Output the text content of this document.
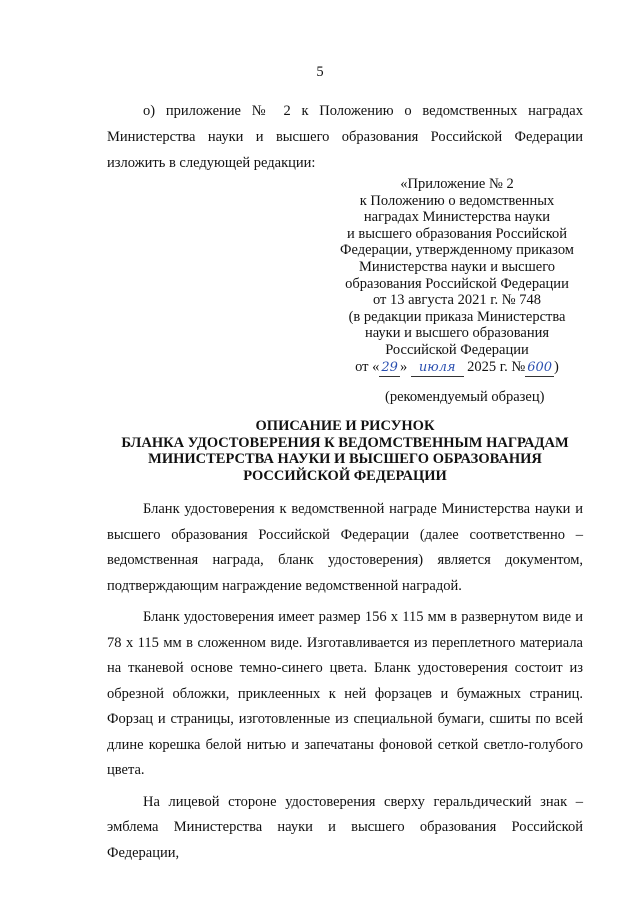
5

о) приложение № 2 к Положению о ведомственных наградах Министерства науки и высшего образования Российской Федерации изложить в следующей редакции:

«Приложение № 2
к Положению о ведомственных
наградах Министерства науки
и высшего образования Российской
Федерации, утвержденному приказом
Министерства науки и высшего
образования Российской Федерации
от 13 августа 2021 г. № 748
(в редакции приказа Министерства
науки и высшего образования
Российской Федерации
от « 29 » июля 2025 г. № 600 )
(рекомендуемый образец)
ОПИСАНИЕ И РИСУНОК
БЛАНКА УДОСТОВЕРЕНИЯ К ВЕДОМСТВЕННЫМ НАГРАДАМ
МИНИСТЕРСТВА НАУКИ И ВЫСШЕГО ОБРАЗОВАНИЯ
РОССИЙСКОЙ ФЕДЕРАЦИИ

Бланк удостоверения к ведомственной награде Министерства науки и высшего образования Российской Федерации (далее соответственно – ведомственная награда, бланк удостоверения) является документом, подтверждающим награждение ведомственной наградой.

Бланк удостоверения имеет размер 156 х 115 мм в развернутом виде и 78 х 115 мм в сложенном виде. Изготавливается из переплетного материала на тканевой основе темно-синего цвета. Бланк удостоверения состоит из обрезной обложки, приклеенных к ней форзацев и бумажных страниц. Форзац и страницы, изготовленные из специальной бумаги, сшиты по всей длине корешка белой нитью и запечатаны фоновой сеткой светло-голубого цвета.

На лицевой стороне удостоверения сверху геральдический знак – эмблема Министерства науки и высшего образования Российской Федерации,
